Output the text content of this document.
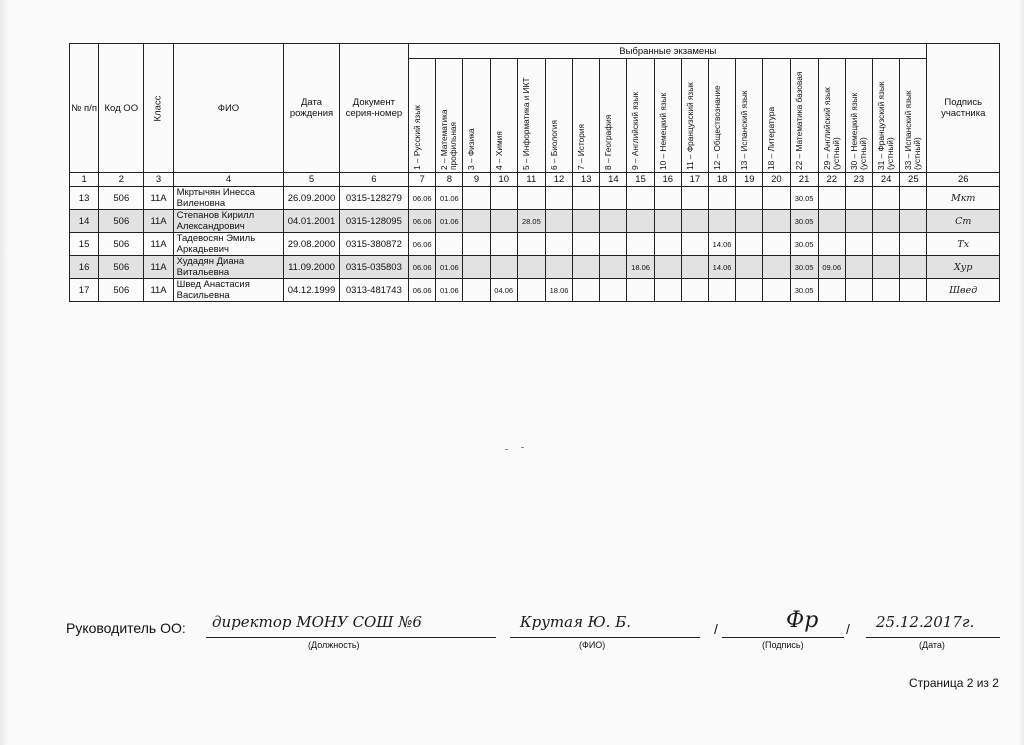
№ п/п	Код ОО	Класс	ФИО	Дата рождения	Документ серия-номер	Выбранные экзамены																			Подпись участника

						1 – Русский язык	2 – Математика профильная	3 – Физика	4 – Химия	5 – Информатика и ИКТ	6 – Биология	7 – История	8 – География	9 – Английский язык	10 – Немецкий язык	11 – Французский язык	12 – Обществознание	13 – Испанский язык	18 – Литература	22 – Математика базовая	29 – Английский язык (устный)	30 – Немецкий язык (устный)	31 – Французский язык (устный)	33 – Испанский язык (устный)	

1	2	3	4	5	6	7	8	9	10	11	12	13	14	15	16	17	18	19	20	21	22	23	24	25	26
13	506	11А	Мкртычян Инесса
Виленовна	26.09.2000	0315-128279	06.06	01.06													30.05					Мкт
14	506	11А	Степанов Кирилл
Александрович	04.01.2001	0315-128095	06.06	01.06			28.05										30.05					Ст
15	506	11А	Тадевосян Эмиль
Аркадьевич	29.08.2000	0315-380872	06.06											14.06			30.05					Тх
16	506	11А	Худадян Диана
Витальевна	11.09.2000	0315-035803	06.06	01.06							18.06			14.06			30.05	09.06				Хур
17	506	11А	Швед Анастасия
Васильевна	04.12.1999	0313-481743	06.06	01.06		04.06		18.06									30.05					Швед
Руководитель ОО: директор МОНУ СОШ №6
(Должность)
Крутая Ю. Б.
(ФИО)
/	Фр
(Подпись)
/ 25.12.2017г.
(Дата)
Страница 2 из 2
